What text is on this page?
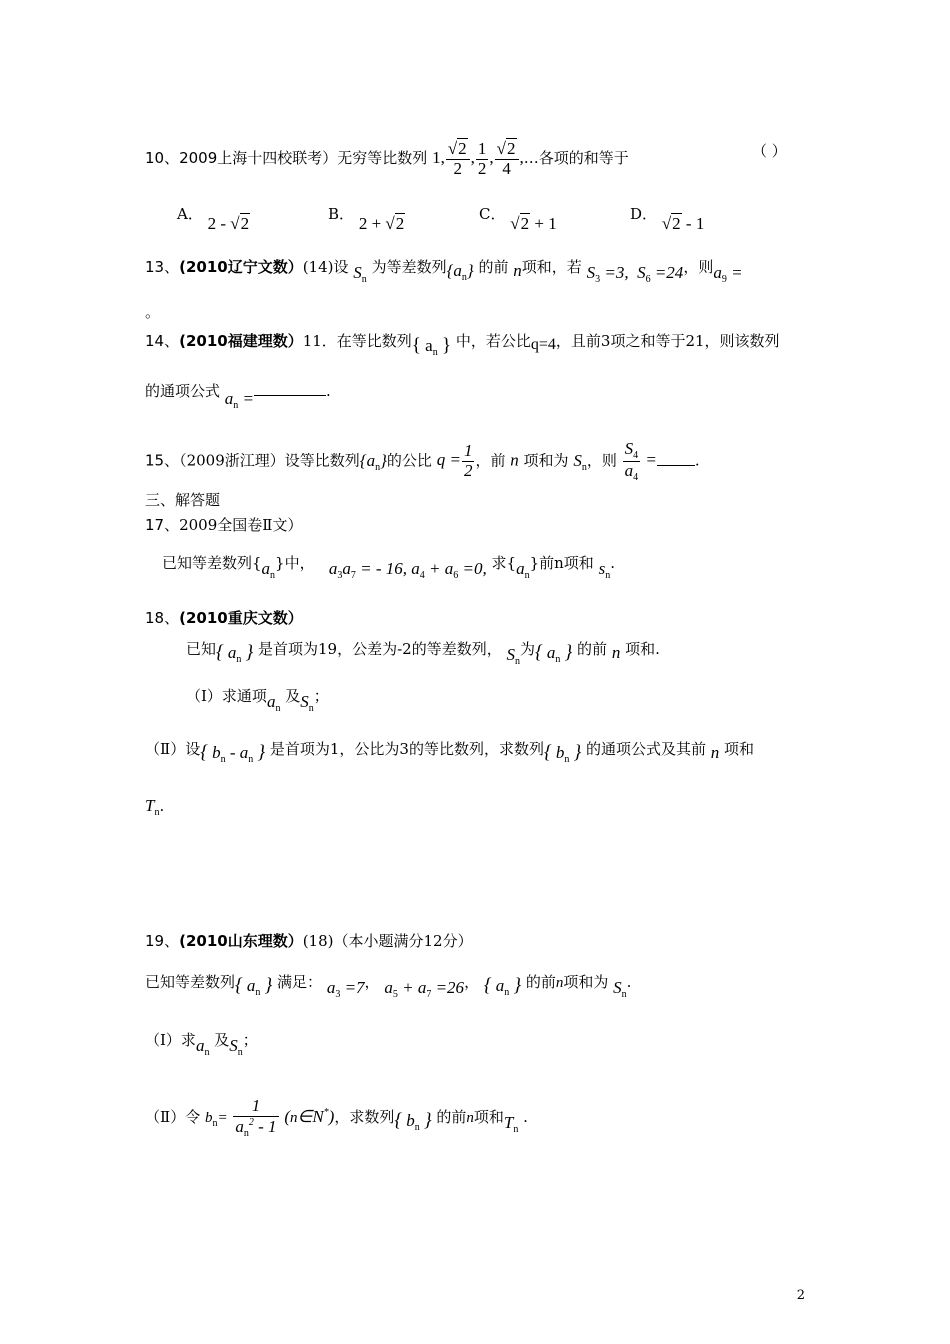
10、2009上海十四校联考）无穷等比数列 1, $\frac{√2}{2}$ , $\frac{1}{2}$ , $\frac{√2}{4}$ ,…各项的和等于	（ ）
A． 2 - √2	B． 2 + √2	C． √2 + 1	D． √2 - 1
13、(2010辽宁文数）(14)设 $S_n$ 为等差数列$\{a_n\}$ 的前 n项和，若 $S_3 =3$,  $S_6 =24$，则$a_9$ =
。
14、(2010福建理数）11．在等比数列{ $a_n$ } 中，若公比q=4，且前3项之和等于21，则该数列
的通项公式 $a_n$ =	.
15、（2009浙江理）设等比数列$\{a_n\}$的公比 $q = \frac{1}{2}$ ，前 n 项和为 $S_n$，则 $\frac{S_4}{a_4}$ =	.
三、解答题
17、2009全国卷Ⅱ文）
已知等差数列$\{a_n\}$中， $a_3a_7$ = - 16, $a_4 + a_6 =0$, 求$\{a_n\}$前n项和 $s_n$.
18、(2010重庆文数）
已知{ $a_n$ } 是首项为19，公差为-2的等差数列， $S_n$为{ $a_n$ } 的前 n 项和.
（Ⅰ）求通项$a_n$ 及$S_n$；
（Ⅱ）设{ $b_n - a_n$ } 是首项为1，公比为3的等比数列，求数列{ $b_n$ } 的通项公式及其前 n 项和
$T_n$.
19、(2010山东理数）(18)（本小题满分12分）
已知等差数列{ $a_n$ } 满足： $a_3 =7$， $a_5 + a_7 =26$， { $a_n$ } 的前n项和为 $S_n$.
（Ⅰ）求$a_n$ 及$S_n$；
（Ⅱ）令 $b_n= \frac{1}{a_n^2 - 1}$ (n∈N*)，求数列{ $b_n$ } 的前n项和$T_n$ .
2
